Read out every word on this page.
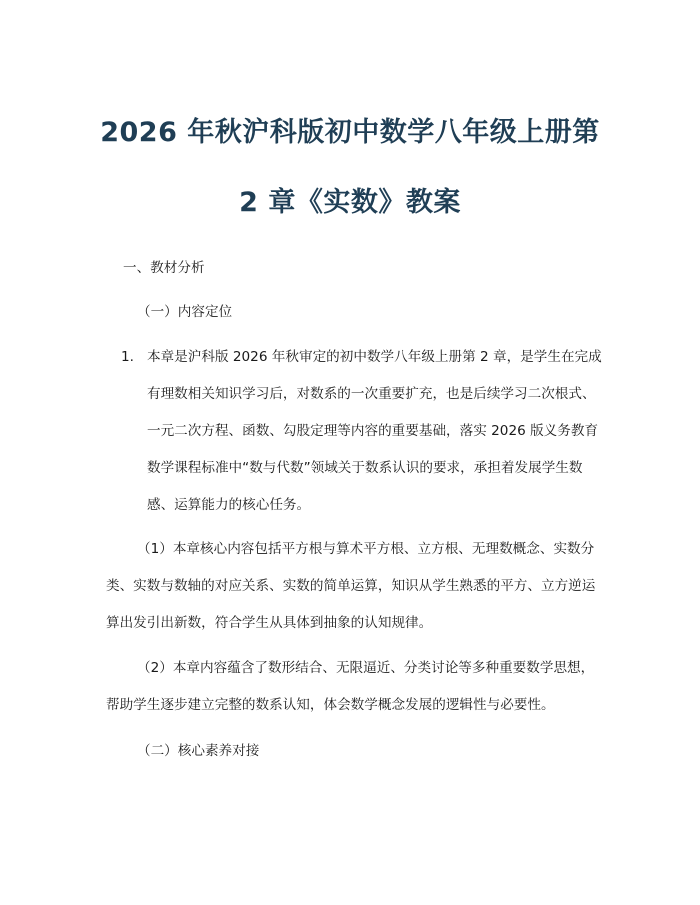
2026 年秋沪科版初中数学八年级上册第
2 章《实数》教案
一、教材分析
（一）内容定位
1. 本章是沪科版 2026 年秋审定的初中数学八年级上册第 2 章，是学生在完成
有理数相关知识学习后，对数系的一次重要扩充，也是后续学习二次根式、
一元二次方程、函数、勾股定理等内容的重要基础，落实 2026 版义务教育
数学课程标准中“数与代数”领域关于数系认识的要求，承担着发展学生数
感、运算能力的核心任务。
（1）本章核心内容包括平方根与算术平方根、立方根、无理数概念、实数分
类、实数与数轴的对应关系、实数的简单运算，知识从学生熟悉的平方、立方逆运
算出发引出新数，符合学生从具体到抽象的认知规律。
（2）本章内容蕴含了数形结合、无限逼近、分类讨论等多种重要数学思想，
帮助学生逐步建立完整的数系认知，体会数学概念发展的逻辑性与必要性。
（二）核心素养对接
